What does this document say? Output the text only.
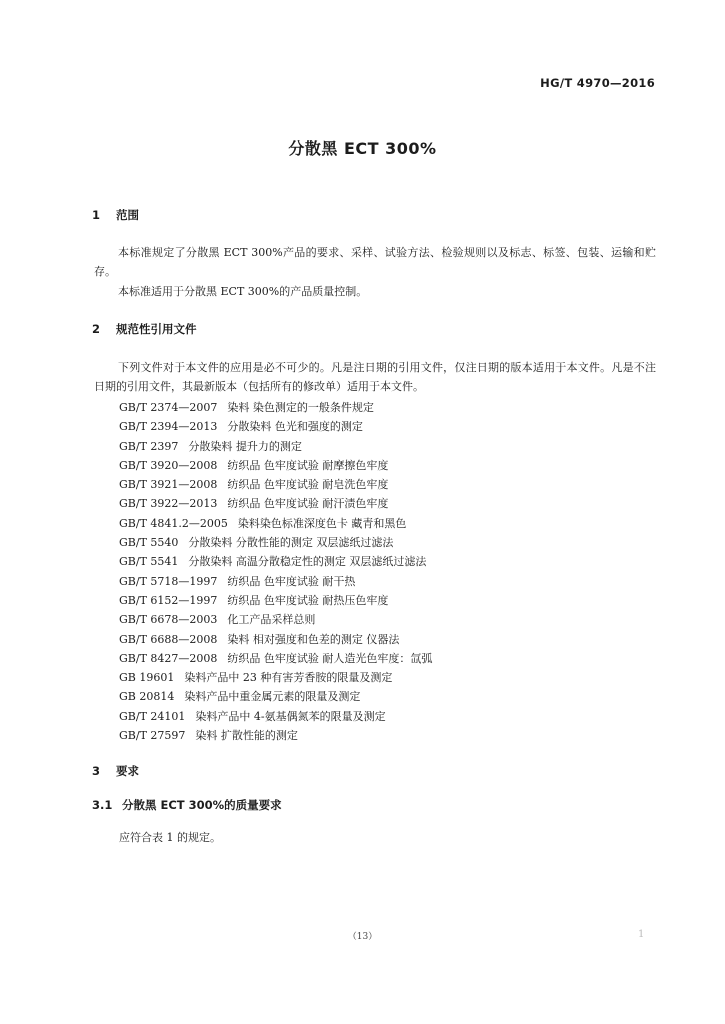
HG/T 4970—2016
分散黑 ECT 300%
1 范围
本标准规定了分散黑 ECT 300%产品的要求、采样、试验方法、检验规则以及标志、标签、包装、运输和贮存。
本标准适用于分散黑 ECT 300%的产品质量控制。
2 规范性引用文件
下列文件对于本文件的应用是必不可少的。凡是注日期的引用文件，仅注日期的版本适用于本文件。凡是不注日期的引用文件，其最新版本（包括所有的修改单）适用于本文件。
GB/T 2374—2007 染料 染色测定的一般条件规定
GB/T 2394—2013 分散染料 色光和强度的测定
GB/T 2397 分散染料 提升力的测定
GB/T 3920—2008 纺织品 色牢度试验 耐摩擦色牢度
GB/T 3921—2008 纺织品 色牢度试验 耐皂洗色牢度
GB/T 3922—2013 纺织品 色牢度试验 耐汗渍色牢度
GB/T 4841.2—2005 染料染色标准深度色卡 藏青和黑色
GB/T 5540 分散染料 分散性能的测定 双层滤纸过滤法
GB/T 5541 分散染料 高温分散稳定性的测定 双层滤纸过滤法
GB/T 5718—1997 纺织品 色牢度试验 耐干热
GB/T 6152—1997 纺织品 色牢度试验 耐热压色牢度
GB/T 6678—2003 化工产品采样总则
GB/T 6688—2008 染料 相对强度和色差的测定 仪器法
GB/T 8427—2008 纺织品 色牢度试验 耐人造光色牢度：氙弧
GB 19601 染料产品中 23 种有害芳香胺的限量及测定
GB 20814 染料产品中重金属元素的限量及测定
GB/T 24101 染料产品中 4-氨基偶氮苯的限量及测定
GB/T 27597 染料 扩散性能的测定
3 要求
3.1 分散黑 ECT 300%的质量要求
应符合表 1 的规定。
（13）	1
